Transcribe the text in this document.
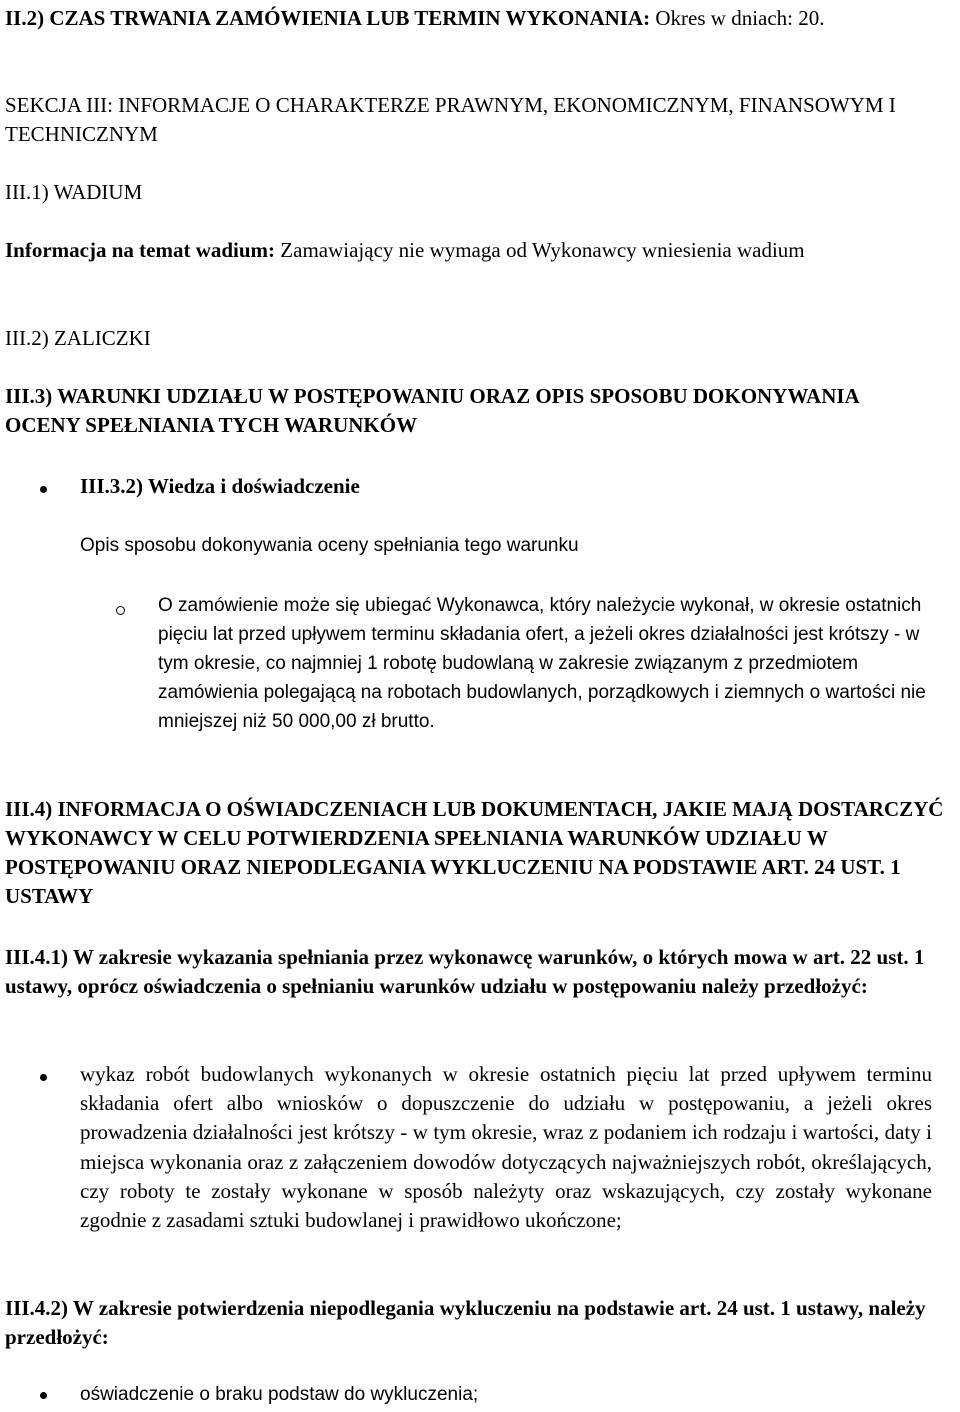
II.2) CZAS TRWANIA ZAMÓWIENIA LUB TERMIN WYKONANIA: Okres w dniach: 20.

SEKCJA III: INFORMACJE O CHARAKTERZE PRAWNYM, EKONOMICZNYM, FINANSOWYM I TECHNICZNYM

III.1) WADIUM

Informacja na temat wadium: Zamawiający nie wymaga od Wykonawcy wniesienia wadium

III.2) ZALICZKI

III.3) WARUNKI UDZIAŁU W POSTĘPOWANIU ORAZ OPIS SPOSOBU DOKONYWANIA OCENY SPEŁNIANIA TYCH WARUNKÓW

III.3.2) Wiedza i doświadczenie

Opis sposobu dokonywania oceny spełniania tego warunku

O zamówienie może się ubiegać Wykonawca, który należycie wykonał, w okresie ostatnich pięciu lat przed upływem terminu składania ofert, a jeżeli okres działalności jest krótszy - w tym okresie, co najmniej 1 robotę budowlaną w zakresie związanym z przedmiotem zamówienia polegającą na robotach budowlanych, porządkowych i ziemnych o wartości nie mniejszej niż 50 000,00 zł brutto.

III.4) INFORMACJA O OŚWIADCZENIACH LUB DOKUMENTACH, JAKIE MAJĄ DOSTARCZYĆ WYKONAWCY W CELU POTWIERDZENIA SPEŁNIANIA WARUNKÓW UDZIAŁU W POSTĘPOWANIU ORAZ NIEPODLEGANIA WYKLUCZENIU NA PODSTAWIE ART. 24 UST. 1 USTAWY

III.4.1) W zakresie wykazania spełniania przez wykonawcę warunków, o których mowa w art. 22 ust. 1 ustawy, oprócz oświadczenia o spełnianiu warunków udziału w postępowaniu należy przedłożyć:

wykaz robót budowlanych wykonanych w okresie ostatnich pięciu lat przed upływem terminu składania ofert albo wniosków o dopuszczenie do udziału w postępowaniu, a jeżeli okres prowadzenia działalności jest krótszy - w tym okresie, wraz z podaniem ich rodzaju i wartości, daty i miejsca wykonania oraz z załączeniem dowodów dotyczących najważniejszych robót, określających, czy roboty te zostały wykonane w sposób należyty oraz wskazujących, czy zostały wykonane zgodnie z zasadami sztuki budowlanej i prawidłowo ukończone;

III.4.2) W zakresie potwierdzenia niepodlegania wykluczeniu na podstawie art. 24 ust. 1 ustawy, należy przedłożyć:

oświadczenie o braku podstaw do wykluczenia;
